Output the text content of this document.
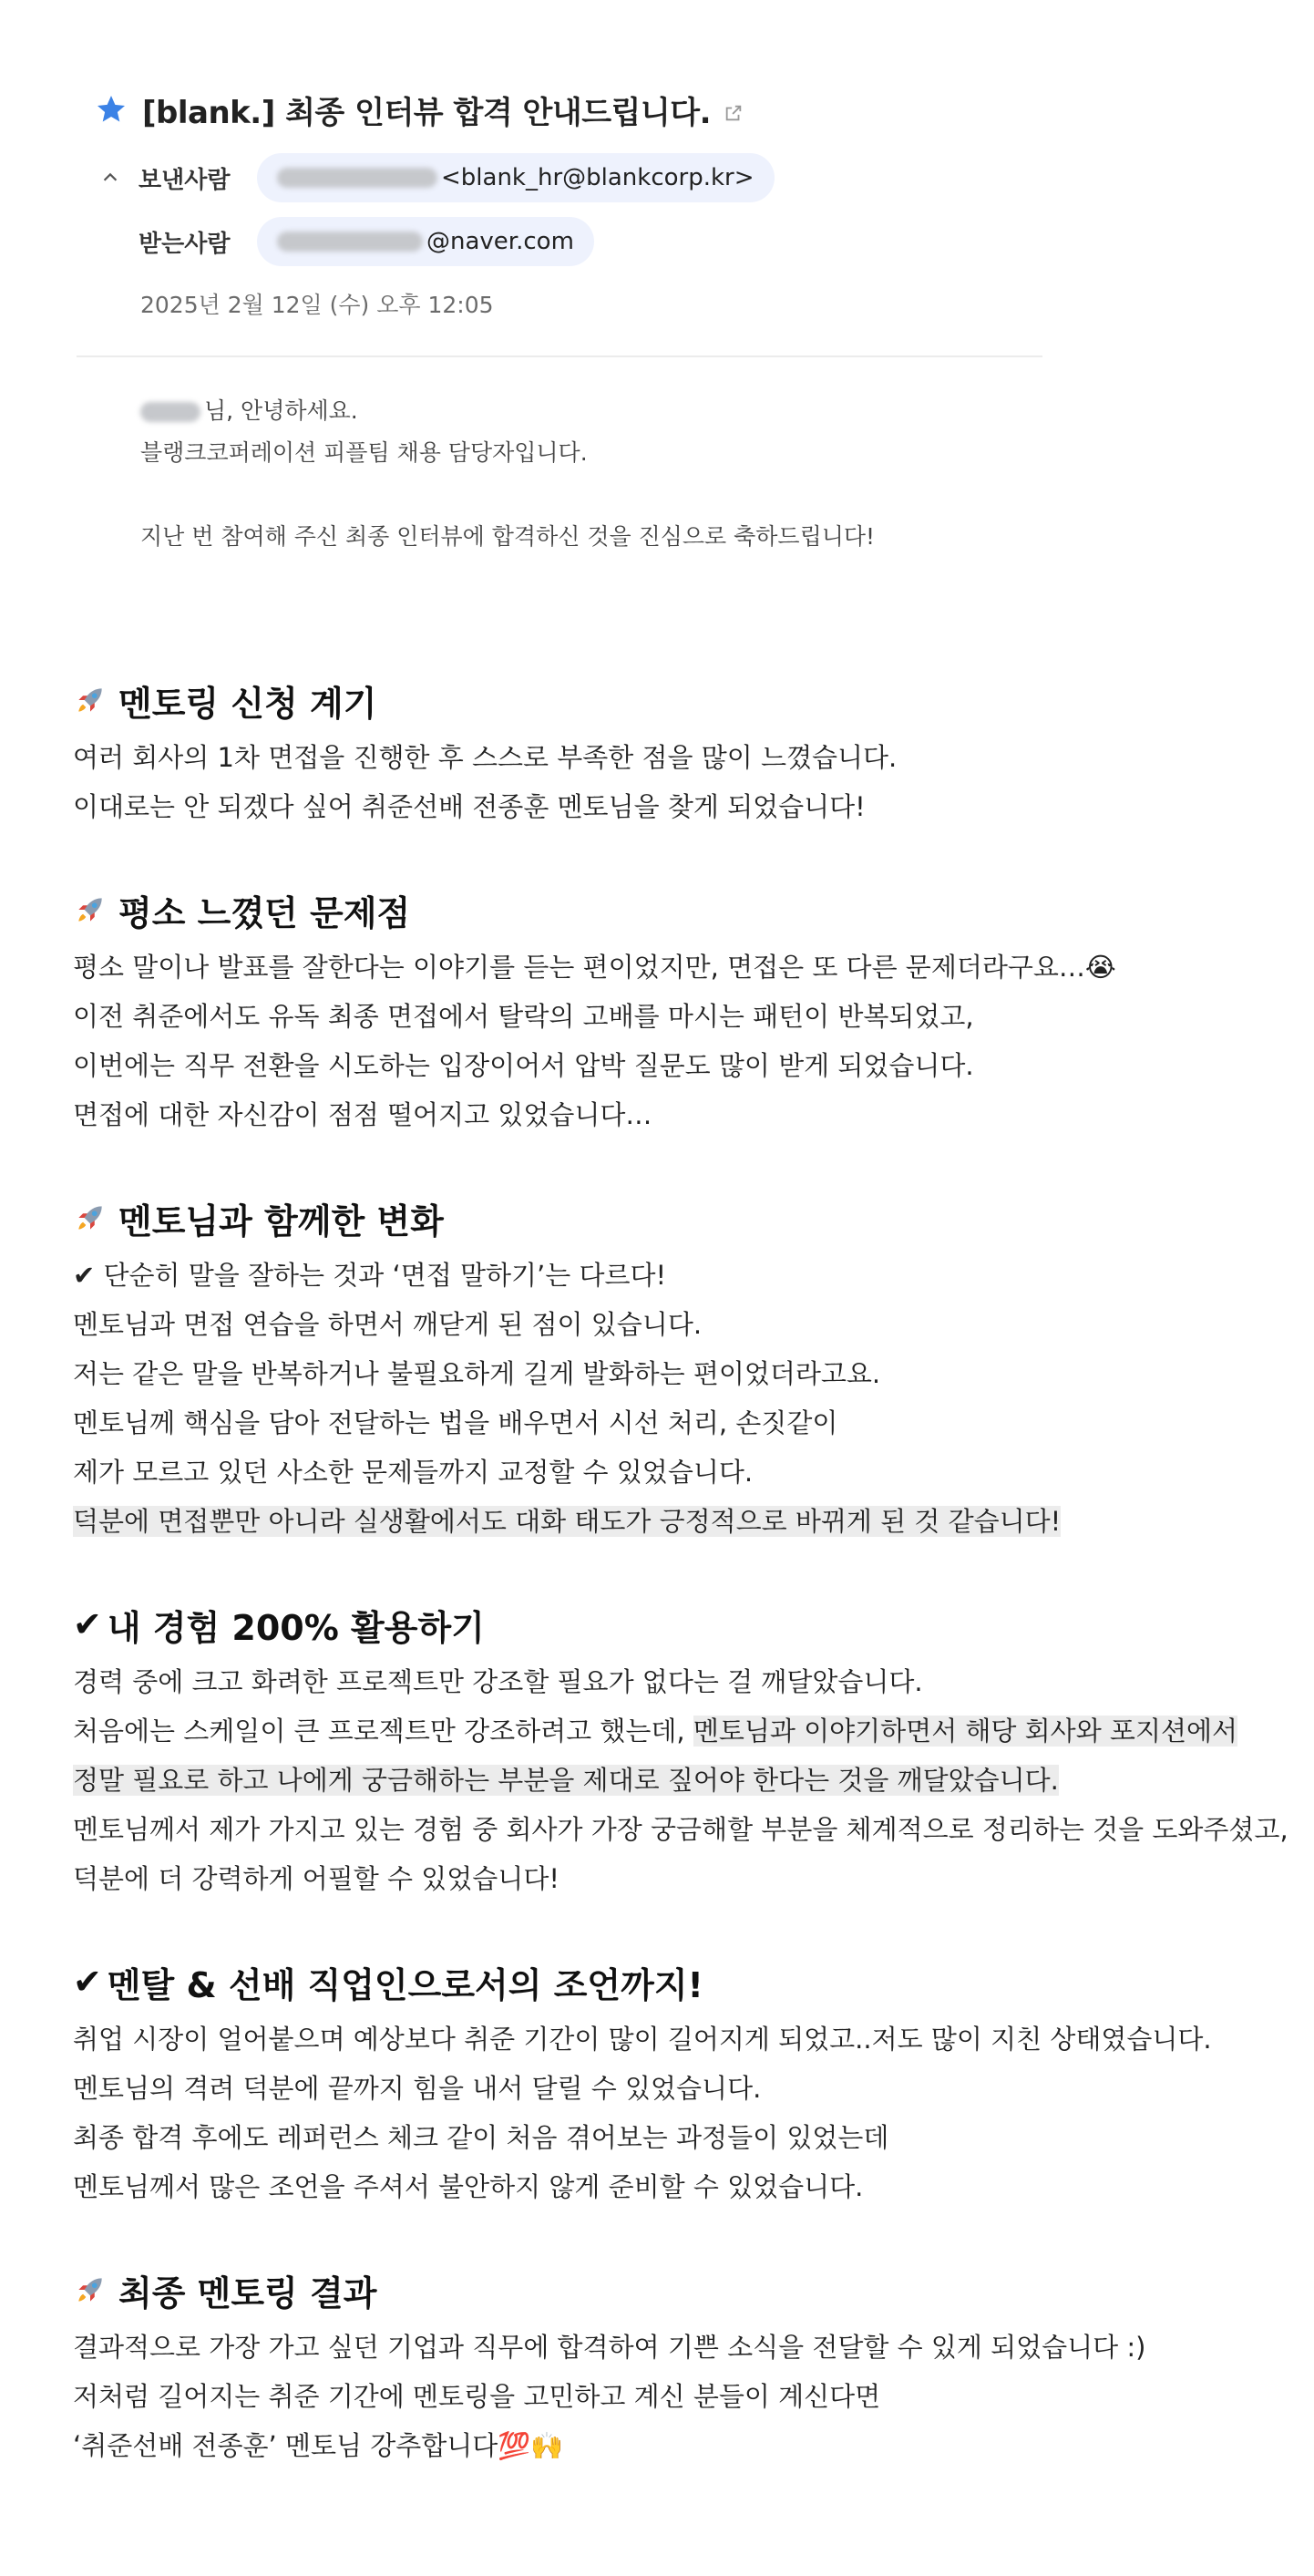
[blank.] 최종 인터뷰 합격 안내드립니다.
보낸사람	<blank_hr@blankcorp.kr>
받는사람	@naver.com
2025년 2월 12일 (수) 오후 12:05
님, 안녕하세요.
블랭크코퍼레이션 피플팀 채용 담당자입니다.
지난 번 참여해 주신 최종 인터뷰에 합격하신 것을 진심으로 축하드립니다!
멘토링 신청 계기
여러 회사의 1차 면접을 진행한 후 스스로 부족한 점을 많이 느꼈습니다.
이대로는 안 되겠다 싶어 취준선배 전종훈 멘토님을 찾게 되었습니다!
평소 느꼈던 문제점
평소 말이나 발표를 잘한다는 이야기를 듣는 편이었지만, 면접은 또 다른 문제더라구요…😭
이전 취준에서도 유독 최종 면접에서 탈락의 고배를 마시는 패턴이 반복되었고,
이번에는 직무 전환을 시도하는 입장이어서 압박 질문도 많이 받게 되었습니다.
면접에 대한 자신감이 점점 떨어지고 있었습니다…
멘토님과 함께한 변화
✔ 단순히 말을 잘하는 것과 ‘면접 말하기’는 다르다!
멘토님과 면접 연습을 하면서 깨닫게 된 점이 있습니다.
저는 같은 말을 반복하거나 불필요하게 길게 발화하는 편이었더라고요.
멘토님께 핵심을 담아 전달하는 법을 배우면서 시선 처리, 손짓같이
제가 모르고 있던 사소한 문제들까지 교정할 수 있었습니다.
덕분에 면접뿐만 아니라 실생활에서도 대화 태도가 긍정적으로 바뀌게 된 것 같습니다!
✔ 내 경험 200% 활용하기
경력 중에 크고 화려한 프로젝트만 강조할 필요가 없다는 걸 깨달았습니다.
처음에는 스케일이 큰 프로젝트만 강조하려고 했는데, 멘토님과 이야기하면서 해당 회사와 포지션에서
정말 필요로 하고 나에게 궁금해하는 부분을 제대로 짚어야 한다는 것을 깨달았습니다.
멘토님께서 제가 가지고 있는 경험 중 회사가 가장 궁금해할 부분을 체계적으로 정리하는 것을 도와주셨고,
덕분에 더 강력하게 어필할 수 있었습니다!
✔ 멘탈 & 선배 직업인으로서의 조언까지!
취업 시장이 얼어붙으며 예상보다 취준 기간이 많이 길어지게 되었고..저도 많이 지친 상태였습니다.
멘토님의 격려 덕분에 끝까지 힘을 내서 달릴 수 있었습니다.
최종 합격 후에도 레퍼런스 체크 같이 처음 겪어보는 과정들이 있었는데
멘토님께서 많은 조언을 주셔서 불안하지 않게 준비할 수 있었습니다.
최종 멘토링 결과
결과적으로 가장 가고 싶던 기업과 직무에 합격하여 기쁜 소식을 전달할 수 있게 되었습니다 :)
저처럼 길어지는 취준 기간에 멘토링을 고민하고 계신 분들이 계신다면
‘취준선배 전종훈’ 멘토님 강추합니다💯🙌
